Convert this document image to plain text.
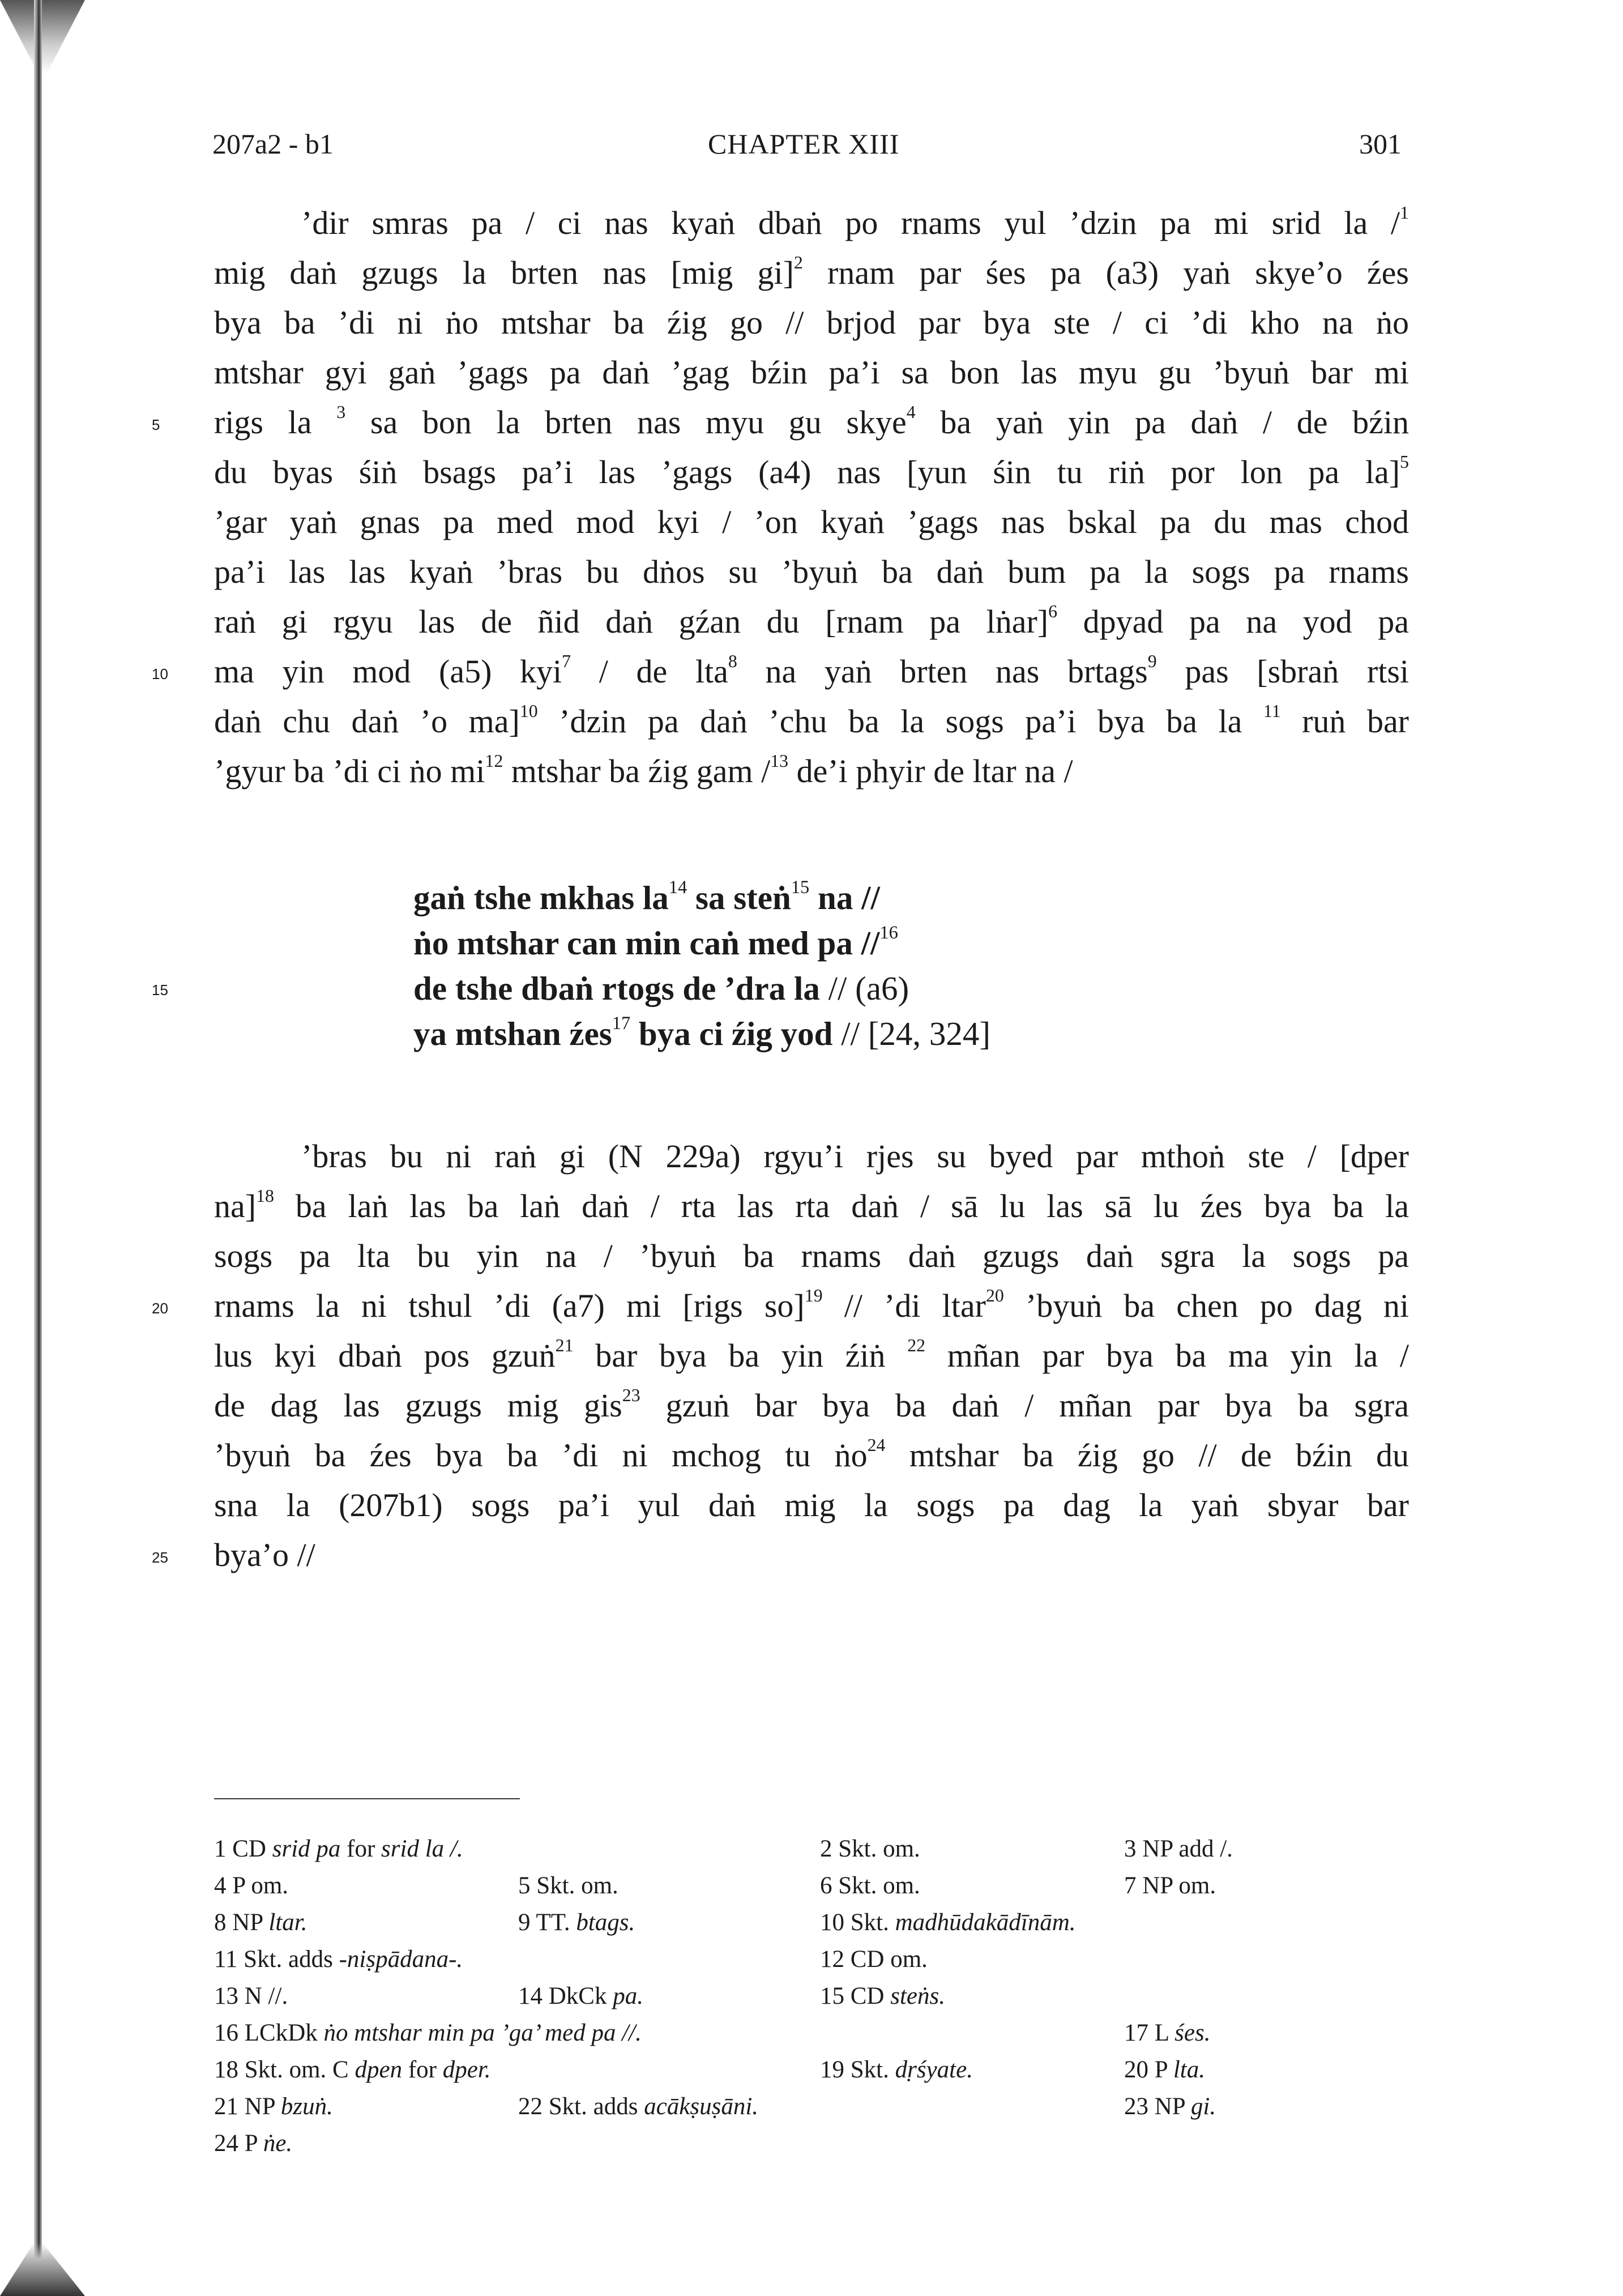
207a2 - b1	CHAPTER XIII	301
’dir smras pa / ci nas kyaṅ dbaṅ po rnams yul ’dzin pa mi srid la /$^1$
mig daṅ gzugs la brten nas [mig gi]$^2$ rnam par śes pa (a3) yaṅ skye’o źes
bya ba ’di ni ṅo mtshar ba źig go // brjod par bya ste / ci ’di kho na ṅo
mtshar gyi gaṅ ’gags pa daṅ ’gag bźin pa’i sa bon las myu gu ’byuṅ bar mi
rigs la $^3$ sa bon la brten nas myu gu skye$^4$ ba yaṅ yin pa daṅ / de bźin
du byas śiṅ bsags pa’i las ’gags (a4) nas [yun śin tu riṅ por lon pa la]$^5$
’gar yaṅ gnas pa med mod kyi / ’on kyaṅ ’gags nas bskal pa du mas chod
pa’i las las kyaṅ ’bras bu dṅos su ’byuṅ ba daṅ bum pa la sogs pa rnams
raṅ gi rgyu las de ñid daṅ gźan du [rnam pa lṅar]$^6$ dpyad pa na yod pa
ma yin mod (a5) kyi$^7$ / de lta$^8$ na yaṅ brten nas brtags$^9$ pas [sbraṅ rtsi
daṅ chu daṅ ’o ma]$^{10}$ ’dzin pa daṅ ’chu ba la sogs pa’i bya ba la $^{11}$ ruṅ bar
’gyur ba ’di ci ṅo $mi^{12}$ mtshar ba źig gam /$^{13}$ de’i phyir de ltar na /
5
10
gaṅ tshe mkhas $la^{14}$ sa steṅ$^{15}$ na //
ṅo mtshar can min caṅ med pa //$^{16}$
de tshe dbaṅ rtogs de ’dra la // (a6)
ya mtshan źes$^{17}$ bya ci źig yod // [24, 324]
15
’bras bu ni raṅ gi (N 229a) rgyu’i rjes su byed par mthoṅ ste / [dper
na]$^{18}$ ba laṅ las ba laṅ daṅ / rta las rta daṅ / sā lu las sā lu źes bya ba la
sogs pa lta bu yin na / ’byuṅ ba rnams daṅ gzugs daṅ sgra la sogs pa
rnams la ni tshul ’di (a7) mi [rigs so]$^{19}$ // ’di ltar$^{20}$ ’byuṅ ba chen po dag ni
lus kyi dbaṅ pos gzuṅ$^{21}$ bar bya ba yin źiṅ $^{22}$ mñan par bya ba ma yin la /
de dag las gzugs mig gis$^{23}$ gzuṅ bar bya ba daṅ / mñan par bya ba sgra
’byuṅ ba źes bya ba ’di ni mchog tu ṅo$^{24}$ mtshar ba źig go // de bźin du
sna la (207b1) sogs pa’i yul daṅ mig la sogs pa dag la yaṅ sbyar bar
bya’o //
20
25
1 CD srid pa for srid la /.	2 Skt. om.	3 NP add /.
4 P om.	5 Skt. om.	6 Skt. om.	7 NP om.
8 NP ltar.	9 TT. btags.	10 Skt. madhūdakādīnām.
11 Skt. adds -niṣpādana-.	12 CD om.
13 N //.	14 DkCk pa.	15 CD steṅs.
16 LCkDk ṅo mtshar min pa ’ga’ med pa //.	17 L śes.
18 Skt. om. C dpen for dper.	19 Skt. dṛśyate.	20 P lta.
21 NP bzuṅ.	22 Skt. adds acākṣuṣāni.	23 NP gi.
24 P ṅe.
